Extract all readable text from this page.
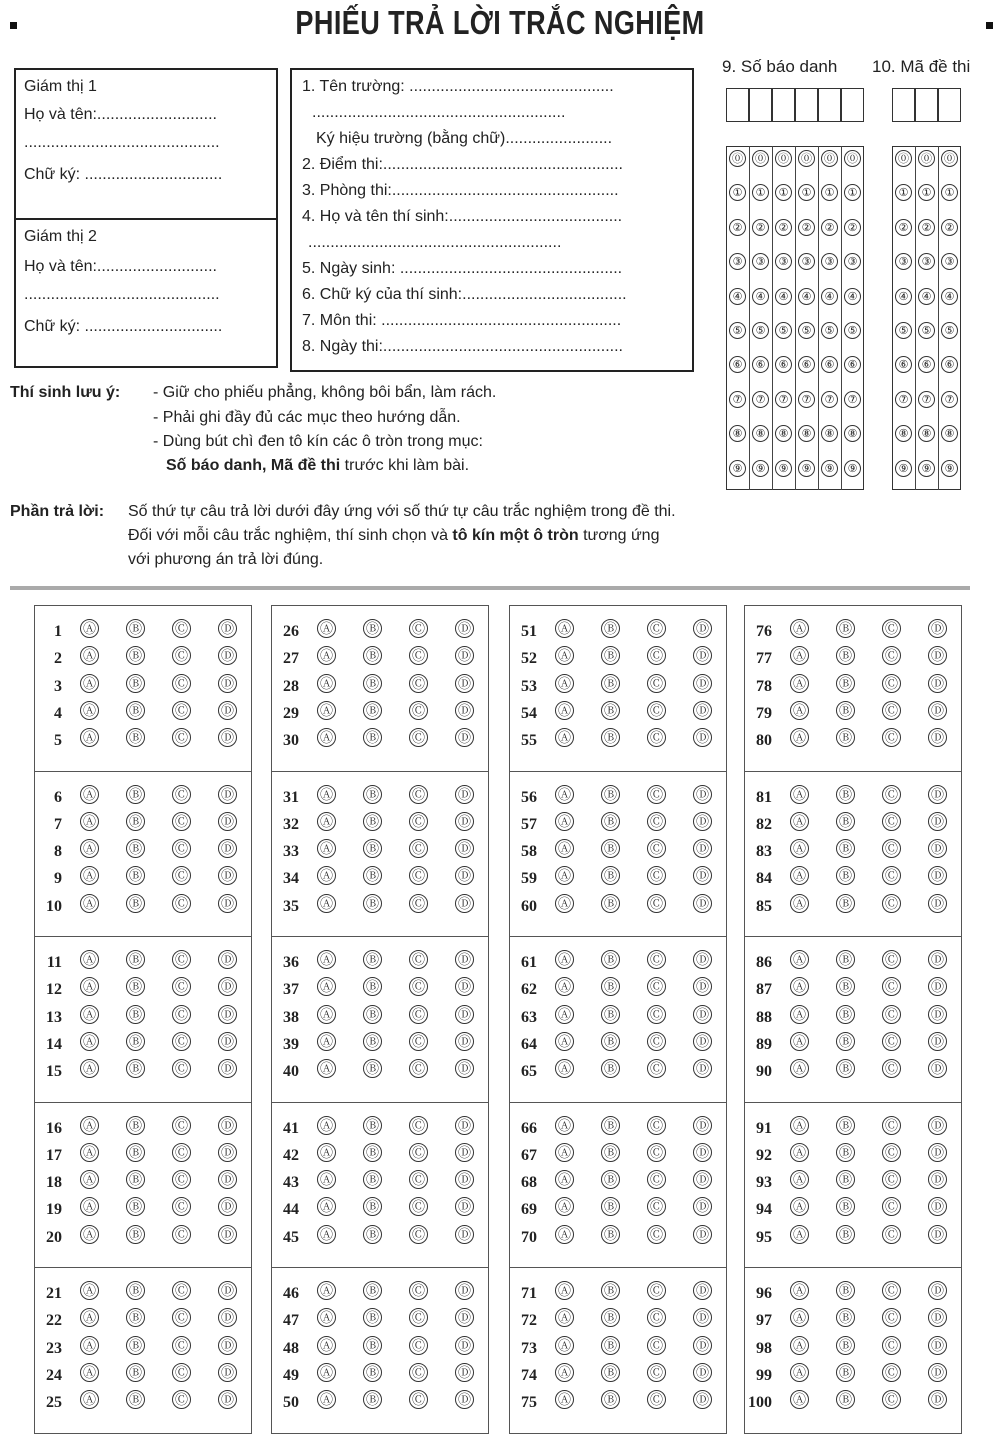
PHIẾU TRẢ LỜI TRẮC NGHIỆM
Giám thị 1
Họ và tên:...........................
............................................
Chữ ký: ...............................
Giám thị 2
Họ và tên:...........................
............................................
Chữ ký: ...............................
1. Tên trường: ..............................................
.........................................................
Ký hiệu trường (bằng chữ)........................
2. Điểm thi:......................................................
3. Phòng thi:...................................................
4. Họ và tên thí sinh:.......................................
.........................................................
5. Ngày sinh: ..................................................
6. Chữ ký của thí sinh:.....................................
7. Môn thi: ......................................................
8. Ngày thi:......................................................
9. Số báo danh 10. Mã đề thi
⓪ ⓪ ⓪ ⓪ ⓪ ⓪
①	①	①	①	①	①
②	②	②	②	②	②
③	③	③	③	③	③
④	④	④	④	④	④
⑤	⑤	⑤	⑤	⑤	⑤
⑥	⑥	⑥	⑥	⑥	⑥
⑦	⑦	⑦	⑦	⑦	⑦
⑧	⑧	⑧	⑧	⑧	⑧
⑨	⑨	⑨	⑨	⑨	⑨
⓪ ⓪ ⓪
①	①	①
②	②	②
③	③	③
④	④	④
⑤	⑤	⑤
⑥	⑥	⑥
⑦	⑦	⑦
⑧	⑧	⑧
⑨	⑨	⑨
Thí sinh lưu ý: - Giữ cho phiếu phẳng, không bôi bẩn, làm rách.
- Phải ghi đầy đủ các mục theo hướng dẫn.
- Dùng bút chì đen tô kín các ô tròn trong mục:
Số báo danh, Mã đề thi trước khi làm bài.
Phần trả lời: Số thứ tự câu trả lời dưới đây ứng với số thứ tự câu trắc nghiệm trong đề thi.
Đối với mỗi câu trắc nghiệm, thí sinh chọn và tô kín một ô tròn tương ứng
với phương án trả lời đúng.
1 Ⓐ	Ⓑ	Ⓒ	Ⓓ
2 Ⓐ	Ⓑ	Ⓒ	Ⓓ
3 Ⓐ	Ⓑ	Ⓒ	Ⓓ
4 Ⓐ	Ⓑ	Ⓒ	Ⓓ
5 Ⓐ	Ⓑ	Ⓒ	Ⓓ
6 Ⓐ	Ⓑ	Ⓒ	Ⓓ
7 Ⓐ	Ⓑ	Ⓒ	Ⓓ
8 Ⓐ	Ⓑ	Ⓒ	Ⓓ
9 Ⓐ	Ⓑ	Ⓒ	Ⓓ
10 Ⓐ	Ⓑ	Ⓒ	Ⓓ
11 Ⓐ	Ⓑ	Ⓒ	Ⓓ
12 Ⓐ	Ⓑ	Ⓒ	Ⓓ
13 Ⓐ	Ⓑ	Ⓒ	Ⓓ
14 Ⓐ	Ⓑ	Ⓒ	Ⓓ
15 Ⓐ	Ⓑ	Ⓒ	Ⓓ
16 Ⓐ	Ⓑ	Ⓒ	Ⓓ
17 Ⓐ	Ⓑ	Ⓒ	Ⓓ
18 Ⓐ	Ⓑ	Ⓒ	Ⓓ
19 Ⓐ	Ⓑ	Ⓒ	Ⓓ
20 Ⓐ	Ⓑ	Ⓒ	Ⓓ
21 Ⓐ	Ⓑ	Ⓒ	Ⓓ
22 Ⓐ	Ⓑ	Ⓒ	Ⓓ
23 Ⓐ	Ⓑ	Ⓒ	Ⓓ
24 Ⓐ	Ⓑ	Ⓒ	Ⓓ
25 Ⓐ	Ⓑ	Ⓒ	Ⓓ
26 Ⓐ	Ⓑ	Ⓒ	Ⓓ
27 Ⓐ	Ⓑ	Ⓒ	Ⓓ
28 Ⓐ	Ⓑ	Ⓒ	Ⓓ
29 Ⓐ	Ⓑ	Ⓒ	Ⓓ
30 Ⓐ	Ⓑ	Ⓒ	Ⓓ
31 Ⓐ	Ⓑ	Ⓒ	Ⓓ
32 Ⓐ	Ⓑ	Ⓒ	Ⓓ
33 Ⓐ	Ⓑ	Ⓒ	Ⓓ
34 Ⓐ	Ⓑ	Ⓒ	Ⓓ
35 Ⓐ	Ⓑ	Ⓒ	Ⓓ
36 Ⓐ	Ⓑ	Ⓒ	Ⓓ
37 Ⓐ	Ⓑ	Ⓒ	Ⓓ
38 Ⓐ	Ⓑ	Ⓒ	Ⓓ
39 Ⓐ	Ⓑ	Ⓒ	Ⓓ
40 Ⓐ	Ⓑ	Ⓒ	Ⓓ
41 Ⓐ	Ⓑ	Ⓒ	Ⓓ
42 Ⓐ	Ⓑ	Ⓒ	Ⓓ
43 Ⓐ	Ⓑ	Ⓒ	Ⓓ
44 Ⓐ	Ⓑ	Ⓒ	Ⓓ
45 Ⓐ	Ⓑ	Ⓒ	Ⓓ
46 Ⓐ	Ⓑ	Ⓒ	Ⓓ
47 Ⓐ	Ⓑ	Ⓒ	Ⓓ
48 Ⓐ	Ⓑ	Ⓒ	Ⓓ
49 Ⓐ	Ⓑ	Ⓒ	Ⓓ
50 Ⓐ	Ⓑ	Ⓒ	Ⓓ
51 Ⓐ	Ⓑ	Ⓒ	Ⓓ
52 Ⓐ	Ⓑ	Ⓒ	Ⓓ
53 Ⓐ	Ⓑ	Ⓒ	Ⓓ
54 Ⓐ	Ⓑ	Ⓒ	Ⓓ
55 Ⓐ	Ⓑ	Ⓒ	Ⓓ
56 Ⓐ	Ⓑ	Ⓒ	Ⓓ
57 Ⓐ	Ⓑ	Ⓒ	Ⓓ
58 Ⓐ	Ⓑ	Ⓒ	Ⓓ
59 Ⓐ	Ⓑ	Ⓒ	Ⓓ
60 Ⓐ	Ⓑ	Ⓒ	Ⓓ
61 Ⓐ	Ⓑ	Ⓒ	Ⓓ
62 Ⓐ	Ⓑ	Ⓒ	Ⓓ
63 Ⓐ	Ⓑ	Ⓒ	Ⓓ
64 Ⓐ	Ⓑ	Ⓒ	Ⓓ
65 Ⓐ	Ⓑ	Ⓒ	Ⓓ
66 Ⓐ	Ⓑ	Ⓒ	Ⓓ
67 Ⓐ	Ⓑ	Ⓒ	Ⓓ
68 Ⓐ	Ⓑ	Ⓒ	Ⓓ
69 Ⓐ	Ⓑ	Ⓒ	Ⓓ
70 Ⓐ	Ⓑ	Ⓒ	Ⓓ
71 Ⓐ	Ⓑ	Ⓒ	Ⓓ
72 Ⓐ	Ⓑ	Ⓒ	Ⓓ
73 Ⓐ	Ⓑ	Ⓒ	Ⓓ
74 Ⓐ	Ⓑ	Ⓒ	Ⓓ
75 Ⓐ	Ⓑ	Ⓒ	Ⓓ
76 Ⓐ	Ⓑ	Ⓒ	Ⓓ
77 Ⓐ	Ⓑ	Ⓒ	Ⓓ
78 Ⓐ	Ⓑ	Ⓒ	Ⓓ
79 Ⓐ	Ⓑ	Ⓒ	Ⓓ
80 Ⓐ	Ⓑ	Ⓒ	Ⓓ
81 Ⓐ	Ⓑ	Ⓒ	Ⓓ
82 Ⓐ	Ⓑ	Ⓒ	Ⓓ
83 Ⓐ	Ⓑ	Ⓒ	Ⓓ
84 Ⓐ	Ⓑ	Ⓒ	Ⓓ
85 Ⓐ	Ⓑ	Ⓒ	Ⓓ
86 Ⓐ	Ⓑ	Ⓒ	Ⓓ
87 Ⓐ	Ⓑ	Ⓒ	Ⓓ
88 Ⓐ	Ⓑ	Ⓒ	Ⓓ
89 Ⓐ	Ⓑ	Ⓒ	Ⓓ
90 Ⓐ	Ⓑ	Ⓒ	Ⓓ
91 Ⓐ	Ⓑ	Ⓒ	Ⓓ
92 Ⓐ	Ⓑ	Ⓒ	Ⓓ
93 Ⓐ	Ⓑ	Ⓒ	Ⓓ
94 Ⓐ	Ⓑ	Ⓒ	Ⓓ
95 Ⓐ	Ⓑ	Ⓒ	Ⓓ
96 Ⓐ	Ⓑ	Ⓒ	Ⓓ
97 Ⓐ	Ⓑ	Ⓒ	Ⓓ
98 Ⓐ	Ⓑ	Ⓒ	Ⓓ
99 Ⓐ	Ⓑ	Ⓒ	Ⓓ
100 Ⓐ	Ⓑ	Ⓒ	Ⓓ
